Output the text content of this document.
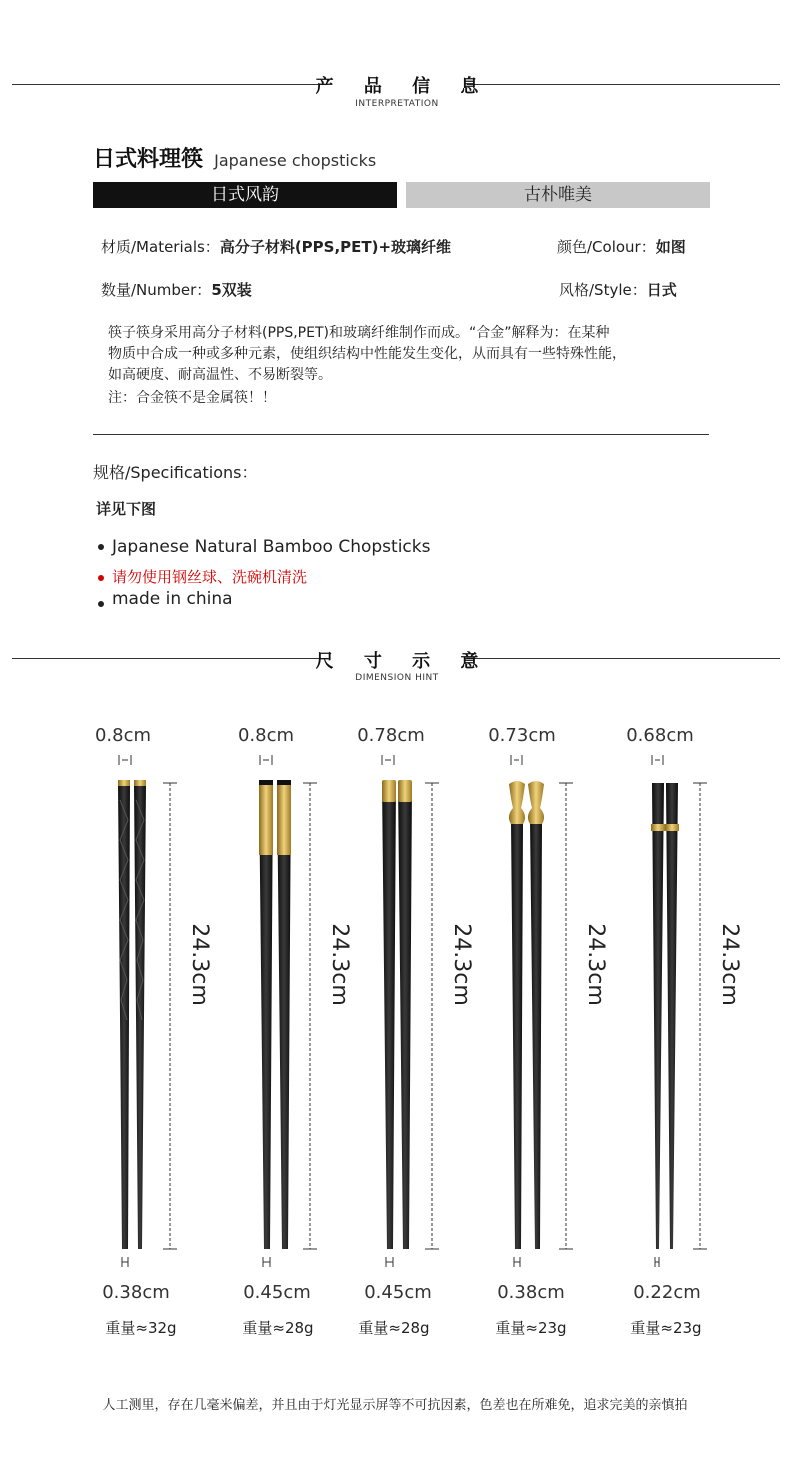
产 品 信 息
INTERPRETATION
日式料理筷 Japanese chopsticks
日式风韵	古朴唯美
材质/Materials：高分子材料(PPS,PET)+玻璃纤维	颜色/Colour：如图
数量/Number：5双装	风格/Style：日式
筷子筷身采用高分子材料(PPS,PET)和玻璃纤维制作而成。“合金”解释为：在某种
物质中合成一种或多种元素，使组织结构中性能发生变化，从而具有一些特殊性能，
如高硬度、耐高温性、不易断裂等。
注：合金筷不是金属筷！！
规格/Specifications：
详见下图
Japanese Natural Bamboo Chopsticks
请勿使用钢丝球、洗碗机清洗
made in china
尺 寸 示 意
DIMENSION HINT
0.8cm	0.8cm	0.78cm	0.73cm	0.68cm
24.3cm	24.3cm	24.3cm	24.3cm	24.3cm
0.38cm	0.45cm	0.45cm	0.38cm	0.22cm
重量≈32g	重量≈28g	重量≈28g	重量≈23g	重量≈23g
人工测里，存在几毫米偏差，并且由于灯光显示屏等不可抗因素，色差也在所难免，追求完美的亲慎拍
